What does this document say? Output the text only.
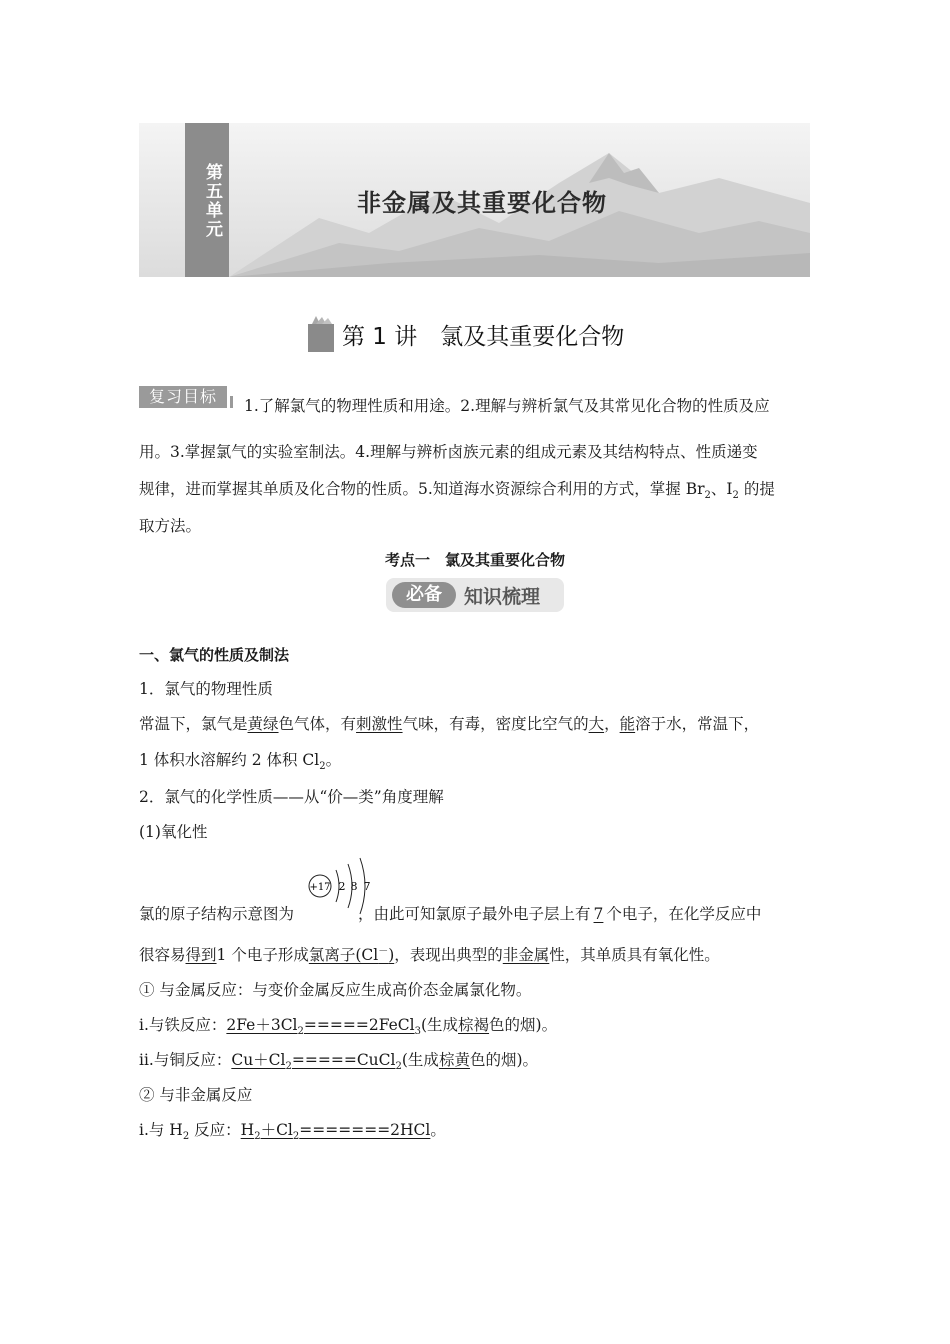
第五单元	非金属及其重要化合物
第 1 讲　氯及其重要化合物
复习目标	1.了解氯气的物理性质和用途。2.理解与辨析氯气及其常见化合物的性质及应
用。3.掌握氯气的实验室制法。4.理解与辨析卤族元素的组成元素及其结构特点、性质递变
规律，进而掌握其单质及化合物的性质。5.知道海水资源综合利用的方式，掌握 $Br_2$、$I_2$ 的提
取方法。
考点一　氯及其重要化合物
必备	知识梳理
一、氯气的性质及制法
1．氯气的物理性质
常温下，氯气是黄绿色气体，有刺激性气味，有毒，密度比空气的大，能溶于水，常温下，
1 体积水溶解约 2 体积 $Cl_2$。
2．氯气的化学性质——从“价—类”角度理解
(1)氧化性
+17 2 8 7
氯的原子结构示意图为	，由此可知氯原子最外电子层上有 7 个电子，在化学反应中
很容易得到1 个电子形成氯离子(Cl－)，表现出典型的非金属性，其单质具有氧化性。
① 与金属反应：与变价金属反应生成高价态金属氯化物。
ⅰ.与铁反应：$2Fe+3Cl_2=====2FeCl_3$(生成棕褐色的烟)。
ⅱ.与铜反应：$Cu+Cl_2=====CuCl_2$(生成棕黄色的烟)。
② 与非金属反应
ⅰ.与 $H_2$ 反应：$H_2+Cl_2=======2HCl$。
